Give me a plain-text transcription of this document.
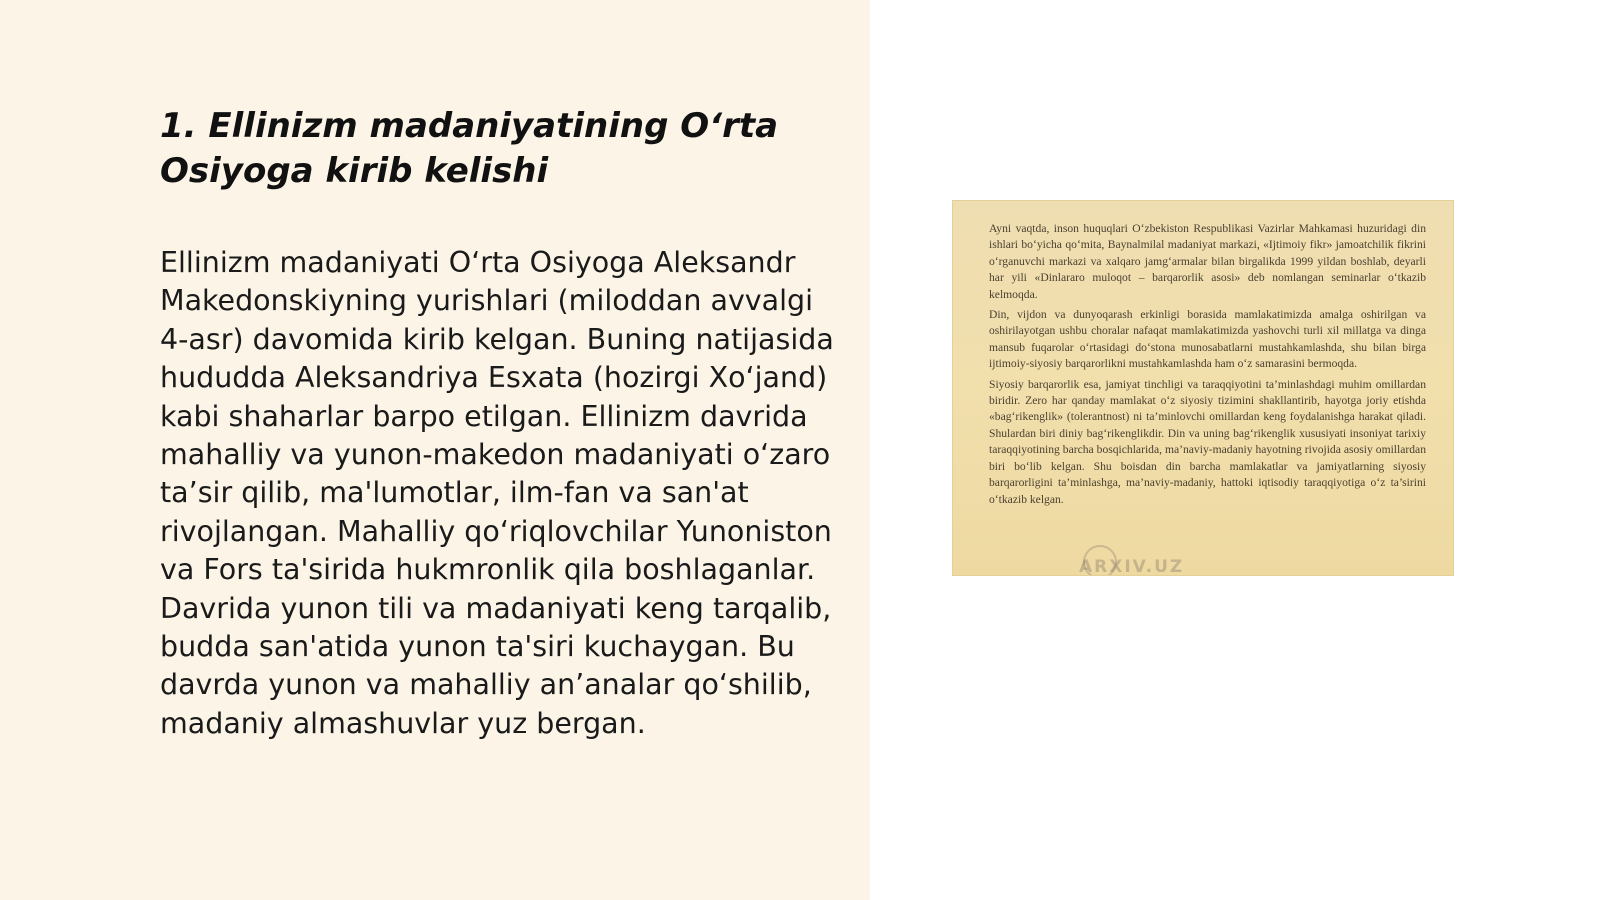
1. Ellinizm madaniyatining O‘rta Osiyoga kirib kelishi

Ellinizm madaniyati O‘rta Osiyoga Aleksandr Makedonskiyning yurishlari (miloddan avvalgi 4-asr) davomida kirib kelgan. Buning natijasida hududda Aleksandriya Esxata (hozirgi Xo‘jand) kabi shaharlar barpo etilgan. Ellinizm davrida mahalliy va yunon-makedon madaniyati o‘zaro ta’sir qilib, ma'lumotlar, ilm-fan va san'at rivojlangan. Mahalliy qo‘riqlovchilar Yunoniston va Fors ta'sirida hukmronlik qila boshlaganlar. Davrida yunon tili va madaniyati keng tarqalib, budda san'atida yunon ta'siri kuchaygan. Bu davrda yunon va mahalliy an’analar qo‘shilib, madaniy almashuvlar yuz bergan.

Ayni vaqtda, inson huquqlari O‘zbekiston Respublikasi Vazirlar Mahkamasi huzuridagi din ishlari bo‘yicha qo‘mita, Baynalmilal madaniyat markazi, «Ijtimoiy fikr» jamoatchilik fikrini o‘rganuvchi markazi va xalqaro jamg‘armalar bilan birgalikda 1999 yildan boshlab, deyarli har yili «Dinlararo muloqot – barqarorlik asosi» deb nomlangan seminarlar o‘tkazib kelmoqda.

Din, vijdon va dunyoqarash erkinligi borasida mamlakatimizda amalga oshirilgan va oshirilayotgan ushbu choralar nafaqat mamlakatimizda yashovchi turli xil millatga va dinga mansub fuqarolar o‘rtasidagi do‘stona munosabatlarni mustahkamlashda, shu bilan birga ijtimoiy-siyosiy barqarorlikni mustahkamlashda ham o‘z samarasini bermoqda.

Siyosiy barqarorlik esa, jamiyat tinchligi va taraqqiyotini ta’minlashdagi muhim omillardan biridir. Zero har qanday mamlakat o‘z siyosiy tizimini shakllantirib, hayotga joriy etishda «bag‘rikenglik» (tolerantnost) ni ta’minlovchi omillardan keng foydalanishga harakat qiladi. Shulardan biri diniy bag‘rikenglikdir. Din va uning bag‘rikenglik xususiyati insoniyat tarixiy taraqqiyotining barcha bosqichlarida, ma’naviy-madaniy hayotning rivojida asosiy omillardan biri bo‘lib kelgan. Shu boisdan din barcha mamlakatlar va jamiyatlarning siyosiy barqarorligini ta’minlashga, ma’naviy-madaniy, hattoki iqtisodiy taraqqiyotiga o‘z ta’sirini o‘tkazib kelgan.

ARXIV.UZ
